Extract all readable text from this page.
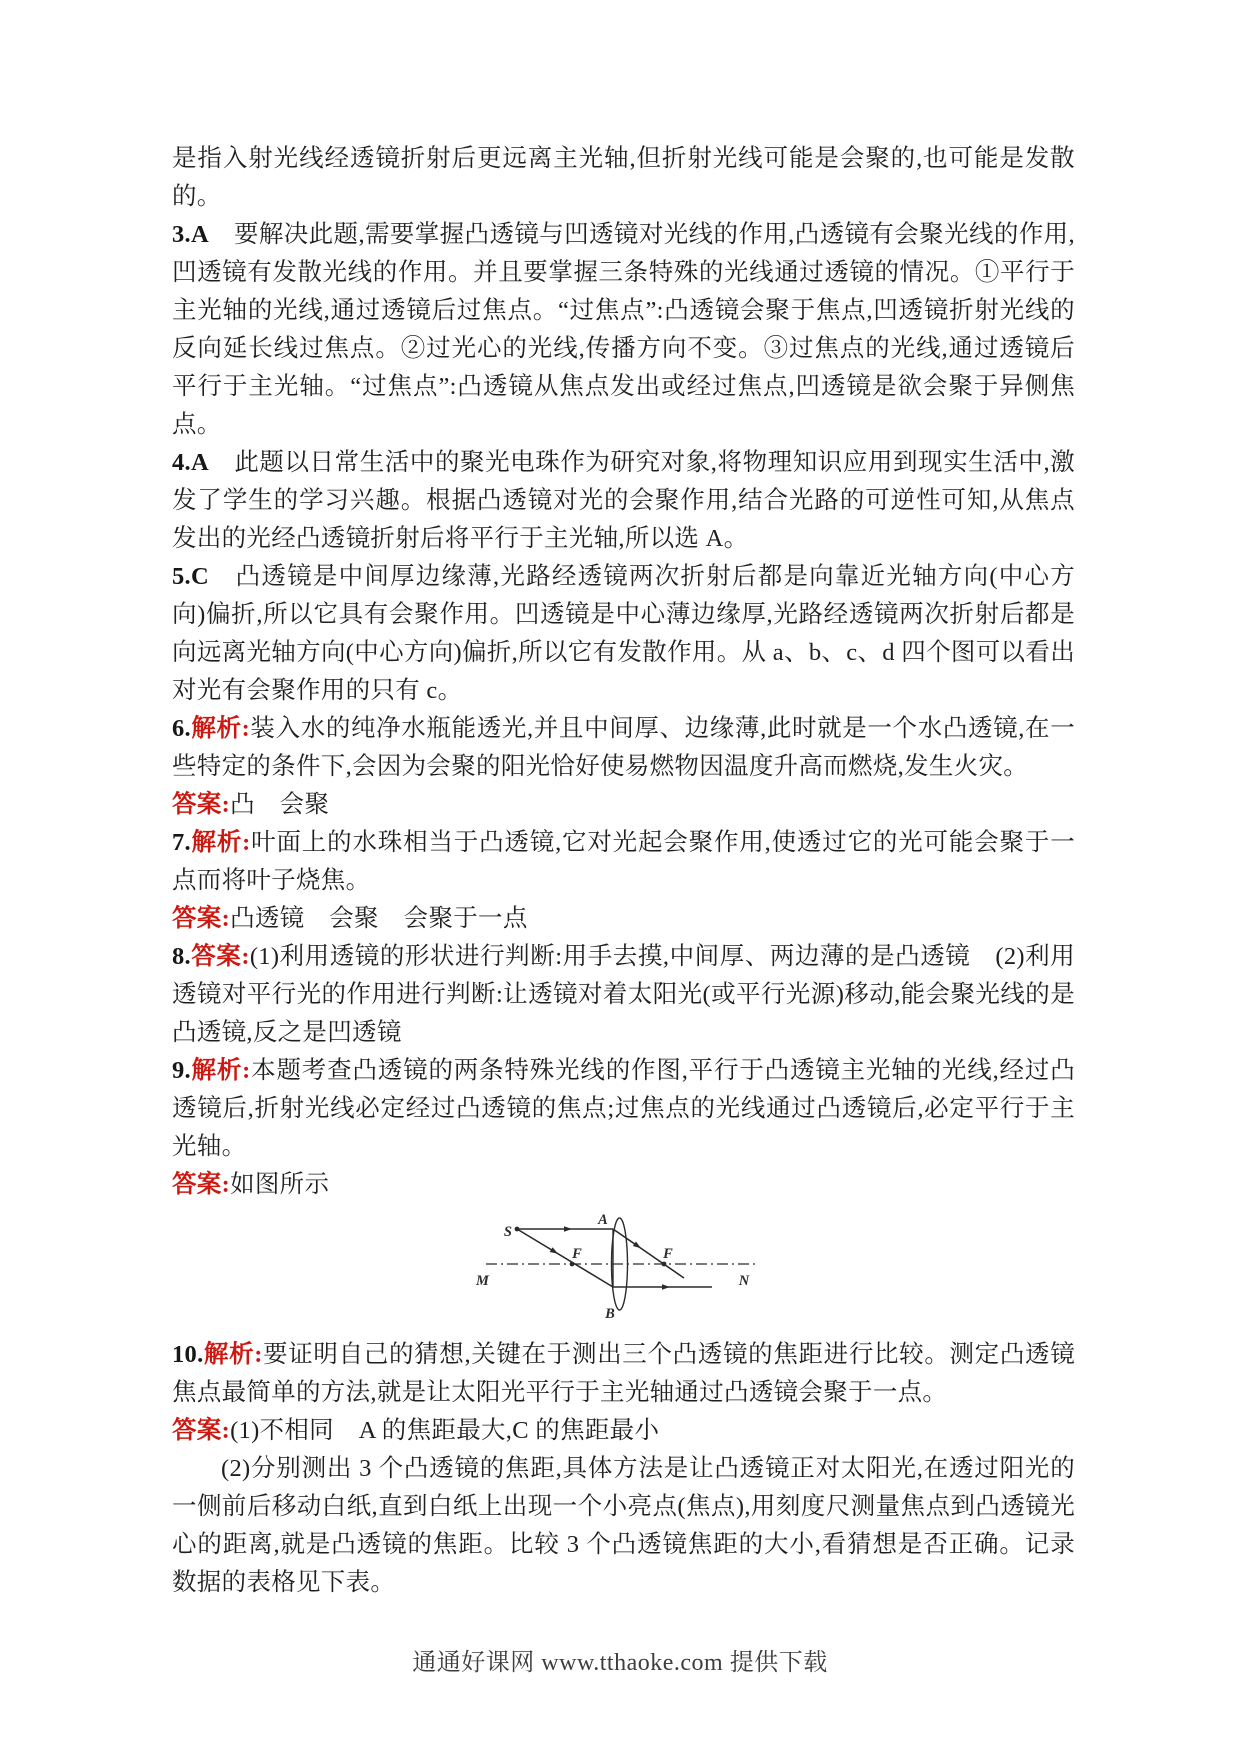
是指入射光线经透镜折射后更远离主光轴,但折射光线可能是会聚的,也可能是发散的。

3.A　要解决此题,需要掌握凸透镜与凹透镜对光线的作用,凸透镜有会聚光线的作用,凹透镜有发散光线的作用。并且要掌握三条特殊的光线通过透镜的情况。①平行于主光轴的光线,通过透镜后过焦点。“过焦点”:凸透镜会聚于焦点,凹透镜折射光线的反向延长线过焦点。②过光心的光线,传播方向不变。③过焦点的光线,通过透镜后平行于主光轴。“过焦点”:凸透镜从焦点发出或经过焦点,凹透镜是欲会聚于异侧焦点。

4.A　此题以日常生活中的聚光电珠作为研究对象,将物理知识应用到现实生活中,激发了学生的学习兴趣。根据凸透镜对光的会聚作用,结合光路的可逆性可知,从焦点发出的光经凸透镜折射后将平行于主光轴,所以选 A。

5.C　凸透镜是中间厚边缘薄,光路经透镜两次折射后都是向靠近光轴方向(中心方向)偏折,所以它具有会聚作用。凹透镜是中心薄边缘厚,光路经透镜两次折射后都是向远离光轴方向(中心方向)偏折,所以它有发散作用。从 a、b、c、d 四个图可以看出对光有会聚作用的只有 c。

6.解析:装入水的纯净水瓶能透光,并且中间厚、边缘薄,此时就是一个水凸透镜,在一些特定的条件下,会因为会聚的阳光恰好使易燃物因温度升高而燃烧,发生火灾。

答案:凸　会聚

7.解析:叶面上的水珠相当于凸透镜,它对光起会聚作用,使透过它的光可能会聚于一点而将叶子烧焦。

答案:凸透镜　会聚　会聚于一点

8.答案:(1)利用透镜的形状进行判断:用手去摸,中间厚、两边薄的是凸透镜　(2)利用透镜对平行光的作用进行判断:让透镜对着太阳光(或平行光源)移动,能会聚光线的是凸透镜,反之是凹透镜

9.解析:本题考查凸透镜的两条特殊光线的作图,平行于凸透镜主光轴的光线,经过凸透镜后,折射光线必定经过凸透镜的焦点;过焦点的光线通过凸透镜后,必定平行于主光轴。

答案:如图所示

S
A
B
F	F
M	N

10.解析:要证明自己的猜想,关键在于测出三个凸透镜的焦距进行比较。测定凸透镜焦点最简单的方法,就是让太阳光平行于主光轴通过凸透镜会聚于一点。

答案:(1)不相同　A 的焦距最大,C 的焦距最小

(2)分别测出 3 个凸透镜的焦距,具体方法是让凸透镜正对太阳光,在透过阳光的一侧前后移动白纸,直到白纸上出现一个小亮点(焦点),用刻度尺测量焦点到凸透镜光心的距离,就是凸透镜的焦距。比较 3 个凸透镜焦距的大小,看猜想是否正确。记录数据的表格见下表。

通通好课网 www.tthaoke.com 提供下载
